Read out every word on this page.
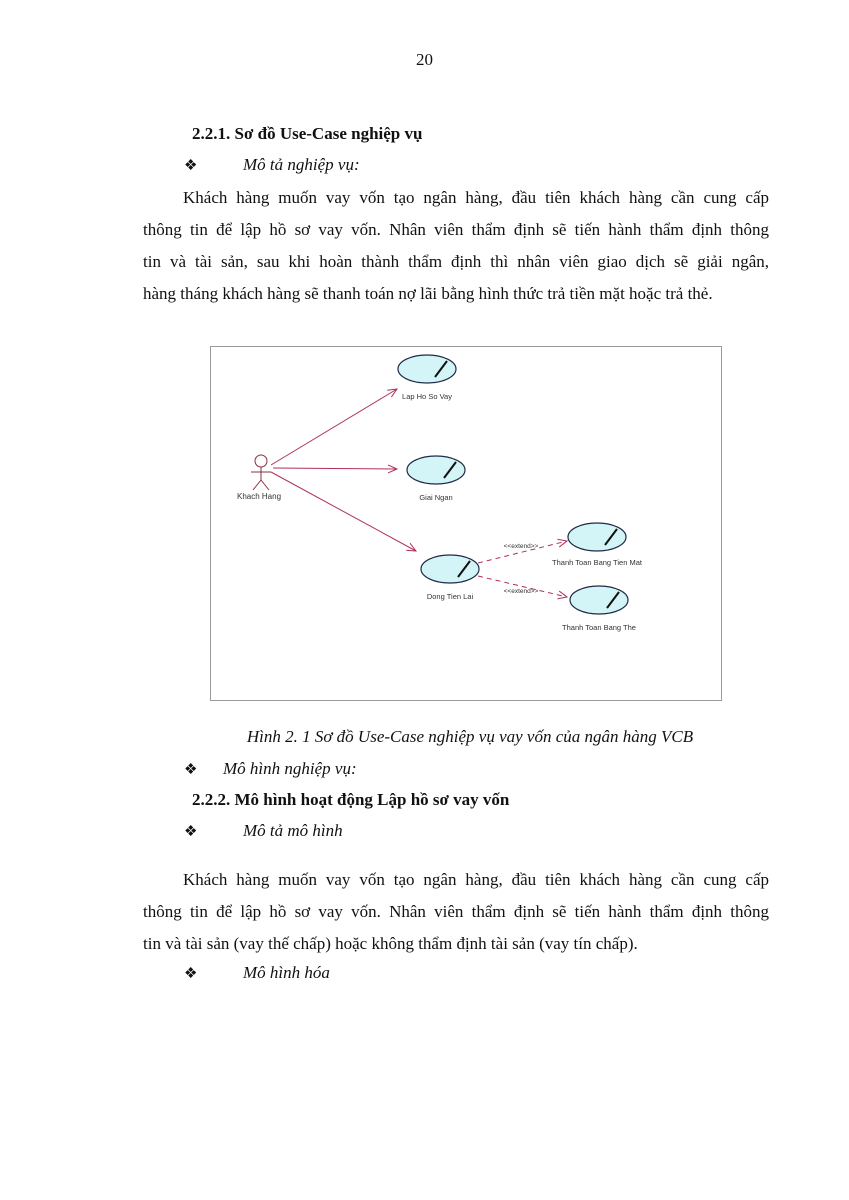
20
2.2.1. Sơ đồ Use-Case nghiệp vụ
❖	Mô tả nghiệp vụ:
Khách hàng muốn vay vốn tạo ngân hàng, đầu tiên khách hàng cần cung cấp
thông tin để lập hồ sơ vay vốn. Nhân viên thẩm định sẽ tiến hành thẩm định thông
tin và tài sản, sau khi hoàn thành thẩm định thì nhân viên giao dịch sẽ giải ngân,
hàng tháng khách hàng sẽ thanh toán nợ lãi bằng hình thức trả tiền mặt hoặc trả thẻ.
Khach Hang
<<extend>>
<<extend>>
Lap Ho So Vay
Giai Ngan
Dong Tien Lai
Thanh Toan Bang Tien Mat
Thanh Toan Bang The
Hình 2. 1 Sơ đồ Use-Case nghiệp vụ vay vốn của ngân hàng VCB
❖ Mô hình nghiệp vụ:
2.2.2. Mô hình hoạt động Lập hồ sơ vay vốn
❖	Mô tả mô hình
Khách hàng muốn vay vốn tạo ngân hàng, đầu tiên khách hàng cần cung cấp
thông tin để lập hồ sơ vay vốn. Nhân viên thẩm định sẽ tiến hành thẩm định thông
tin và tài sản (vay thế chấp) hoặc không thẩm định tài sản (vay tín chấp).
❖	Mô hình hóa
